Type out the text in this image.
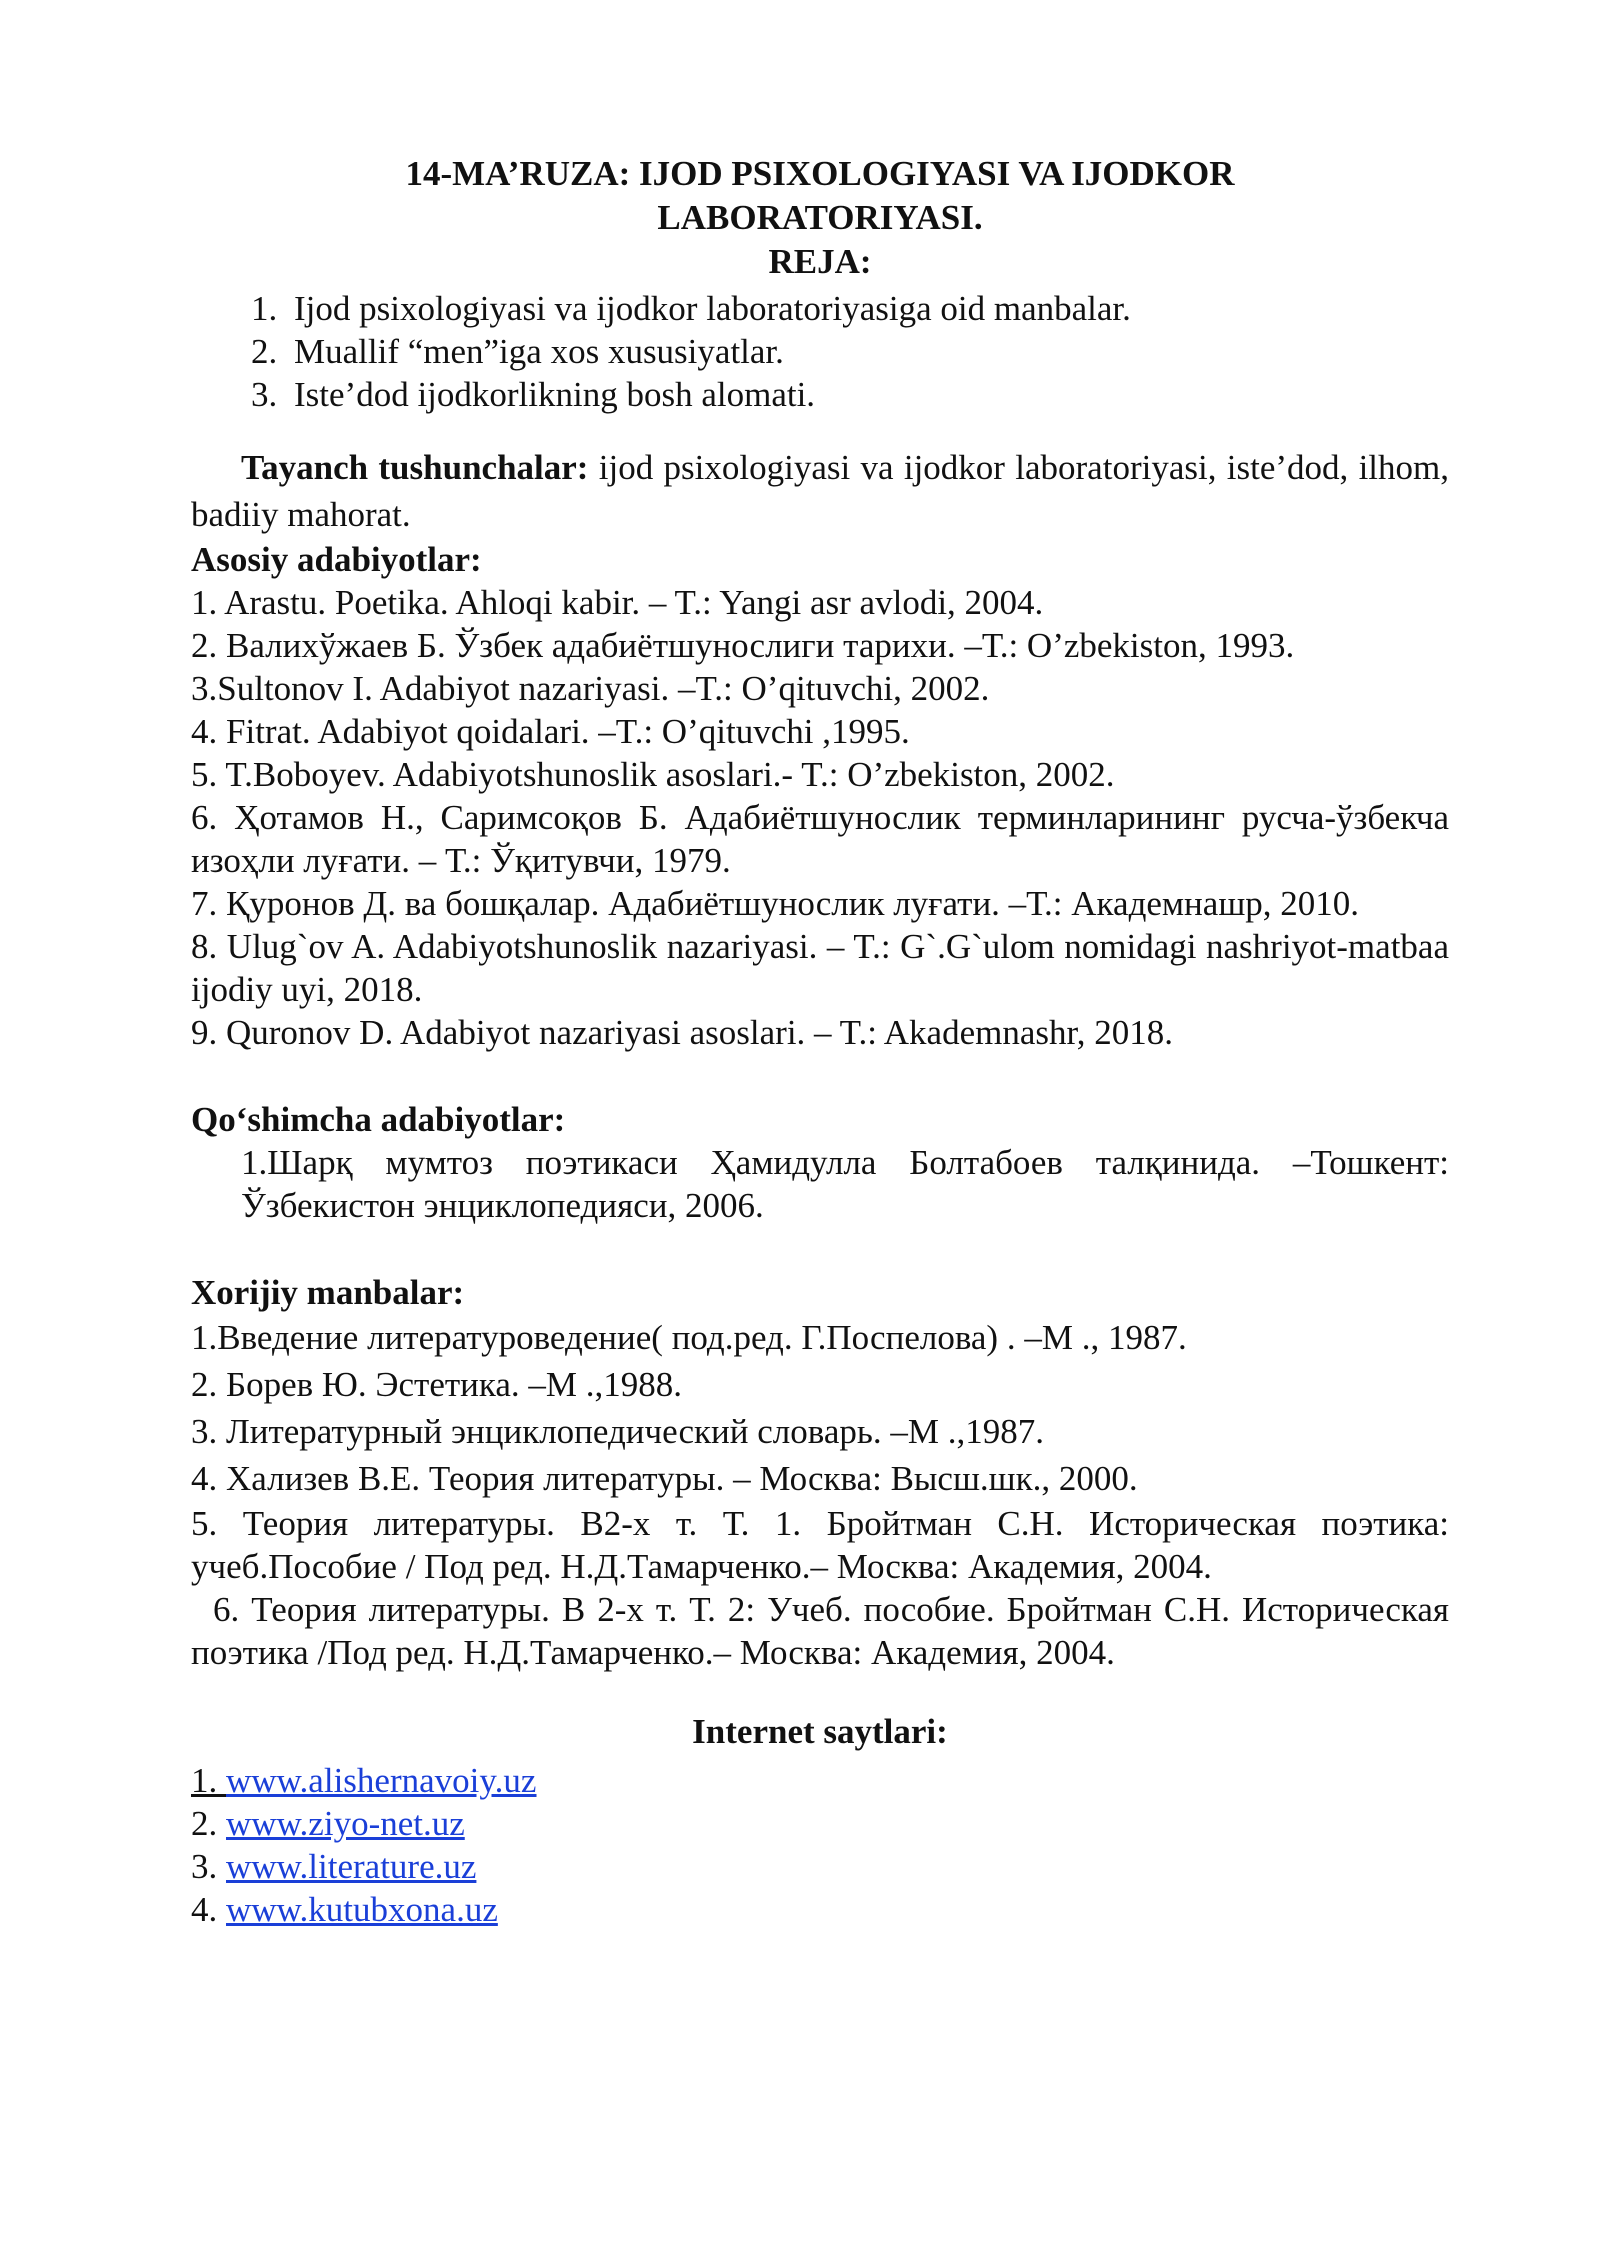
14-MA’RUZA: IJOD PSIXOLOGIYASI VA IJODKOR
LABORATORIYASI.

REJA:

1. Ijod psixologiyasi va ijodkor laboratoriyasiga oid manbalar.
2. Muallif “men”iga xos xususiyatlar.
3. Iste’dod ijodkorlikning bosh alomati.

Tayanch tushunchalar: ijod psixologiyasi va ijodkor laboratoriyasi, iste’dod, ilhom, badiiy mahorat.

Asosiy adabiyotlar:

1. Arastu. Poetika. Ahloqi kabir. – T.: Yangi asr avlodi, 2004.
2. Валихўжаев Б. Ўзбек адабиётшунослиги тарихи. –Т.: O’zbekiston, 1993.
3.Sultonov I. Adabiyot nazariyasi. –T.: O’qituvchi, 2002.
4. Fitrat. Adabiyot qoidalari. –T.: O’qituvchi ,1995.
5. T.Boboyev. Adabiyotshunoslik asoslari.- T.: O’zbekiston, 2002.
6. Ҳотамов Н., Саримсоқов Б. Адабиётшунослик терминларининг русча-ўзбекча изоҳли луғати. – Т.: Ўқитувчи, 1979.
7. Қуронов Д. ва бошқалар. Адабиётшунослик луғати. –Т.: Академнашр, 2010.
8. Ulug`ov A. Adabiyotshunoslik nazariyasi. – T.: G`.G`ulom nomidagi nashriyot-matbaa ijodiy uyi, 2018.
9. Quronov D. Adabiyot nazariyasi asoslari. – T.: Akademnashr, 2018.

Qo‘shimcha adabiyotlar:

1.Шарқ мумтоз поэтикаси Ҳамидулла Болтабоев талқинида. –Тошкент: Ўзбекистон энциклопедияси, 2006.

Xorijiy manbalar:

1.Введение литературоведение( под.ред. Г.Поспелова) . –М ., 1987.
2. Борев Ю. Эстетика. –М .,1988.
3. Литературный энциклопедический словарь. –М .,1987.
4. Хализев В.Е. Теория литературы. – Москва: Высш.шк., 2000.
5. Теория литературы. В2-х т. Т. 1. Бройтман С.Н. Историческая поэтика: учеб.Пособие / Под ред. Н.Д.Тамарченко.– Москва: Академия, 2004.
6. Теория литературы. В 2-х т. Т. 2: Учеб. пособие. Бройтман С.Н. Историческая поэтика /Под ред. Н.Д.Тамарченко.– Москва: Академия, 2004.

Internet saytlari:

1. www.alishernavoiy.uz
2. www.ziyo-net.uz
3. www.literature.uz
4. www.kutubxona.uz
